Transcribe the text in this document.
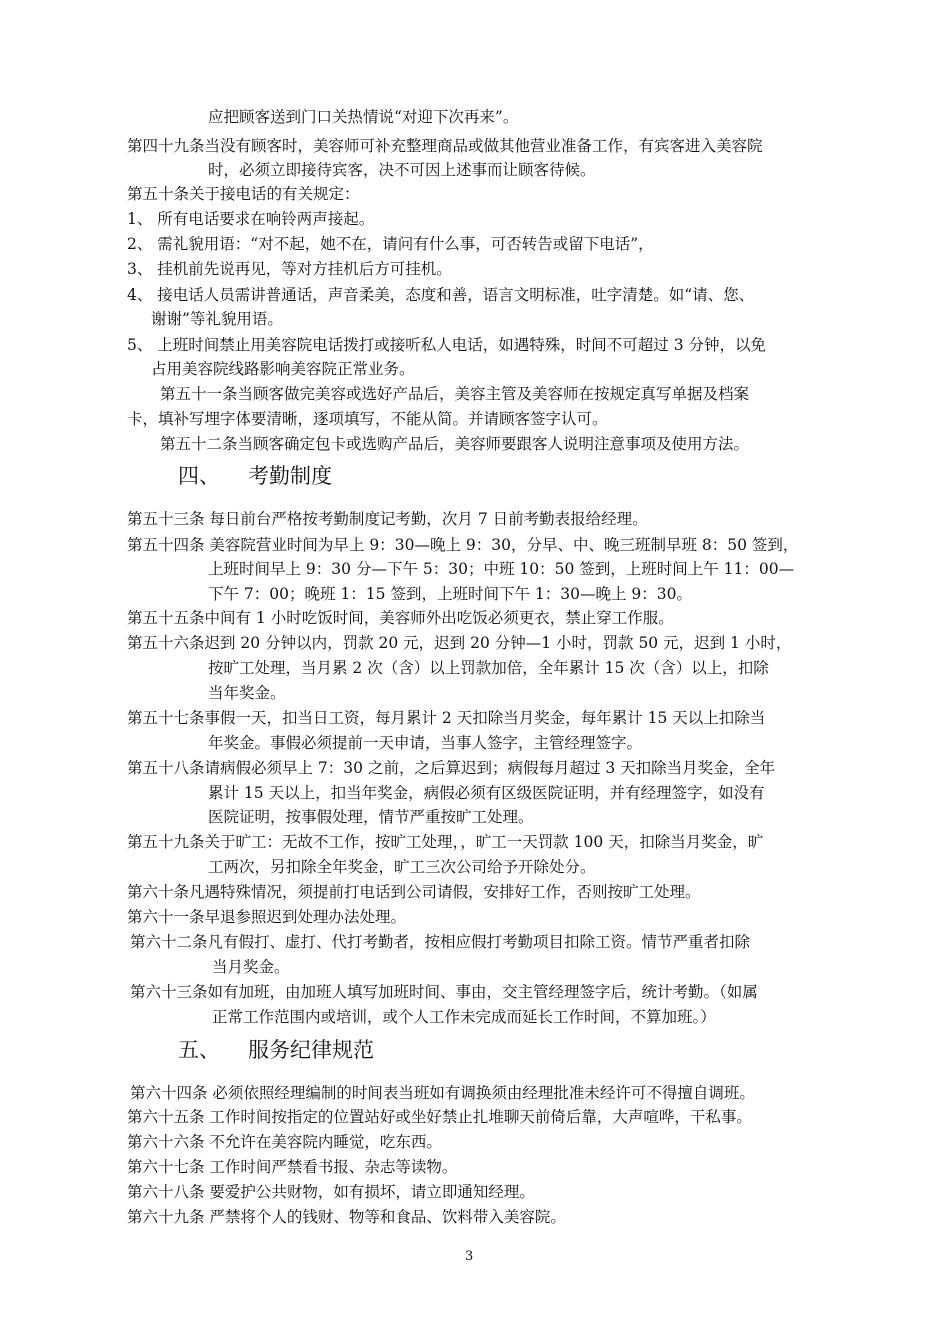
应把顾客送到门口关热情说“对迎下次再来”。
第四十九条当没有顾客时，美容师可补充整理商品或做其他营业准备工作，有宾客进入美容院
时，必须立即接待宾客，决不可因上述事而让顾客待候。
第五十条关于接电话的有关规定：
1、 所有电话要求在响铃两声接起。
2、 需礼貌用语：“对不起，她不在，请问有什么事，可否转告或留下电话”，
3、 挂机前先说再见，等对方挂机后方可挂机。
4、 接电话人员需讲普通话，声音柔美，态度和善，语言文明标准，吐字清楚。如“请、您、
谢谢”等礼貌用语。
5、 上班时间禁止用美容院电话拨打或接听私人电话，如遇特殊，时间不可超过 3 分钟，以免
占用美容院线路影响美容院正常业务。
第五十一条当顾客做完美容或选好产品后，美容主管及美容师在按规定真写单据及档案
卡，填补写埋字体要清晰，逐项填写，不能从简。并请顾客签字认可。
第五十二条当顾客确定包卡或选购产品后，美容师要跟客人说明注意事项及使用方法。
四、 考勤制度
第五十三条 每日前台严格按考勤制度记考勤，次月 7 日前考勤表报给经理。
第五十四条 美容院营业时间为早上 9：30—晚上 9：30，分早、中、晚三班制早班 8：50 签到，
上班时间早上 9：30 分—下午 5：30；中班 10：50 签到，上班时间上午 11：00—
下午 7：00；晚班 1：15 签到，上班时间下午 1：30—晚上 9：30。
第五十五条中间有 1 小时吃饭时间，美容师外出吃饭必须更衣，禁止穿工作服。
第五十六条迟到 20 分钟以内，罚款 20 元，迟到 20 分钟—1 小时，罚款 50 元，迟到 1 小时，
按旷工处理，当月累 2 次（含）以上罚款加倍，全年累计 15 次（含）以上，扣除
当年奖金。
第五十七条事假一天，扣当日工资，每月累计 2 天扣除当月奖金，每年累计 15 天以上扣除当
年奖金。事假必须提前一天申请，当事人签字，主管经理签字。
第五十八条请病假必须早上 7：30 之前，之后算迟到；病假每月超过 3 天扣除当月奖金，全年
累计 15 天以上，扣当年奖金，病假必须有区级医院证明，并有经理签字，如没有
医院证明，按事假处理，情节严重按旷工处理。
第五十九条关于旷工：无故不工作，按旷工处理，，旷工一天罚款 100 天，扣除当月奖金，旷
工两次，另扣除全年奖金，旷工三次公司给予开除处分。
第六十条凡遇特殊情况，须提前打电话到公司请假，安排好工作，否则按旷工处理。
第六十一条早退参照迟到处理办法处理。
第六十二条凡有假打、虚打、代打考勤者，按相应假打考勤项目扣除工资。情节严重者扣除
当月奖金。
第六十三条如有加班，由加班人填写加班时间、事由，交主管经理签字后，统计考勤。（如属
正常工作范围内或培训，或个人工作未完成而延长工作时间，不算加班。）
五、 服务纪律规范
第六十四条 必须依照经理编制的时间表当班如有调换须由经理批准未经许可不得擅自调班。
第六十五条 工作时间按指定的位置站好或坐好禁止扎堆聊天前倚后靠，大声喧哗，干私事。
第六十六条 不允许在美容院内睡觉，吃东西。
第六十七条 工作时间严禁看书报、杂志等读物。
第六十八条 要爱护公共财物，如有损坏，请立即通知经理。
第六十九条 严禁将个人的钱财、物等和食品、饮料带入美容院。
3
